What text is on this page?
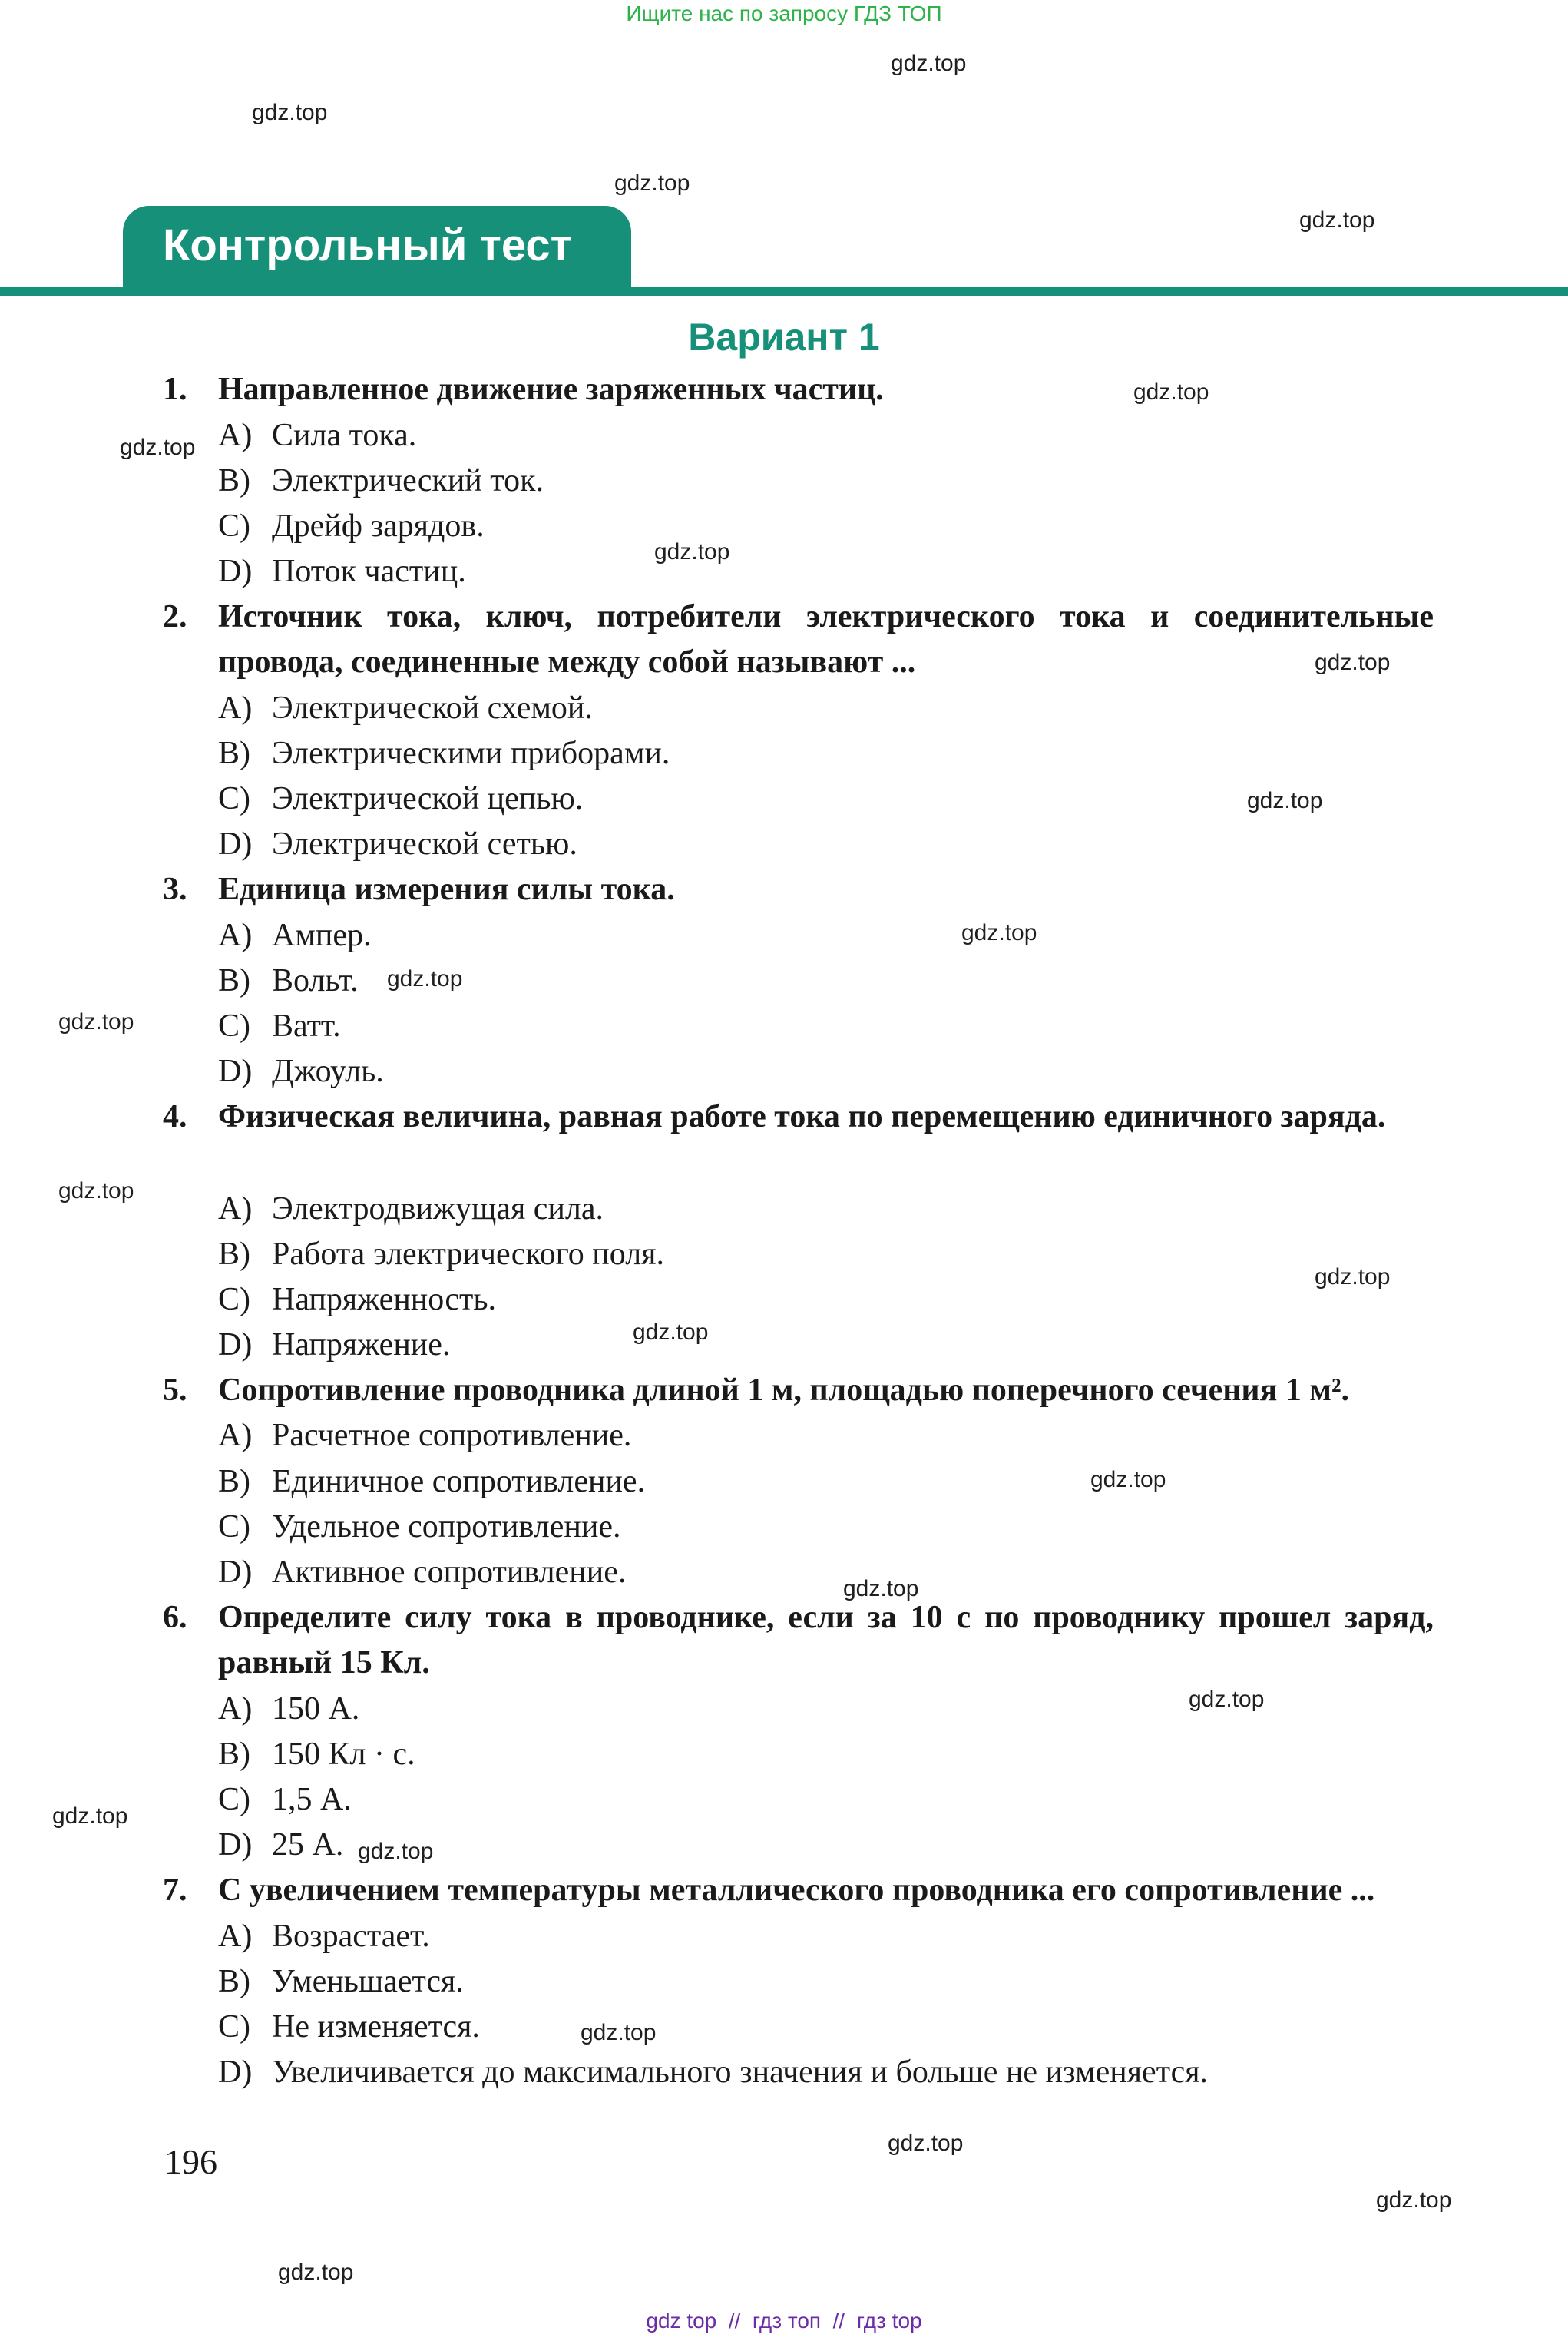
Ищите нас по запросу ГДЗ ТОП
gdz.top
gdz.top
gdz.top
gdz.top
gdz.top
gdz.top
gdz.top
gdz.top
gdz.top
gdz.top
gdz.top
gdz.top
gdz.top
gdz.top
gdz.top
gdz.top
gdz.top
gdz.top
gdz.top
gdz.top
gdz.top
gdz.top
gdz.top
gdz.top
Контрольный тест
Вариант 1
1. Направленное движение заряженных частиц.
A) Сила тока.
B) Электрический ток.
C) Дрейф зарядов.
D) Поток частиц.
2. Источник тока, ключ, потребители электрического тока и соединительные провода, соединенные между собой называют ...
A) Электрической схемой.
B) Электрическими приборами.
C) Электрической цепью.
D) Электрической сетью.
3. Единица измерения силы тока.
A) Ампер.
B) Вольт.
C) Ватт.
D) Джоуль.
4. Физическая величина, равная работе тока по перемещению единичного заряда.
A) Электродвижущая сила.
B) Работа электрического поля.
C) Напряженность.
D) Напряжение.
5. Сопротивление проводника длиной 1 м, площадью поперечного сечения 1 м².
A) Расчетное сопротивление.
B) Единичное сопротивление.
C) Удельное сопротивление.
D) Активное сопротивление.
6. Определите силу тока в проводнике, если за 10 с по проводнику прошел заряд, равный 15 Кл.
A) 150 А.
B) 150 Кл · с.
C) 1,5 А.
D) 25 А.
7. С увеличением температуры металлического проводника его сопротивление ...
A) Возрастает.
B) Уменьшается.
C) Не изменяется.
D) Увеличивается до максимального значения и больше не изменяется.
196
gdz top  //  гдз топ  //  гдз top
